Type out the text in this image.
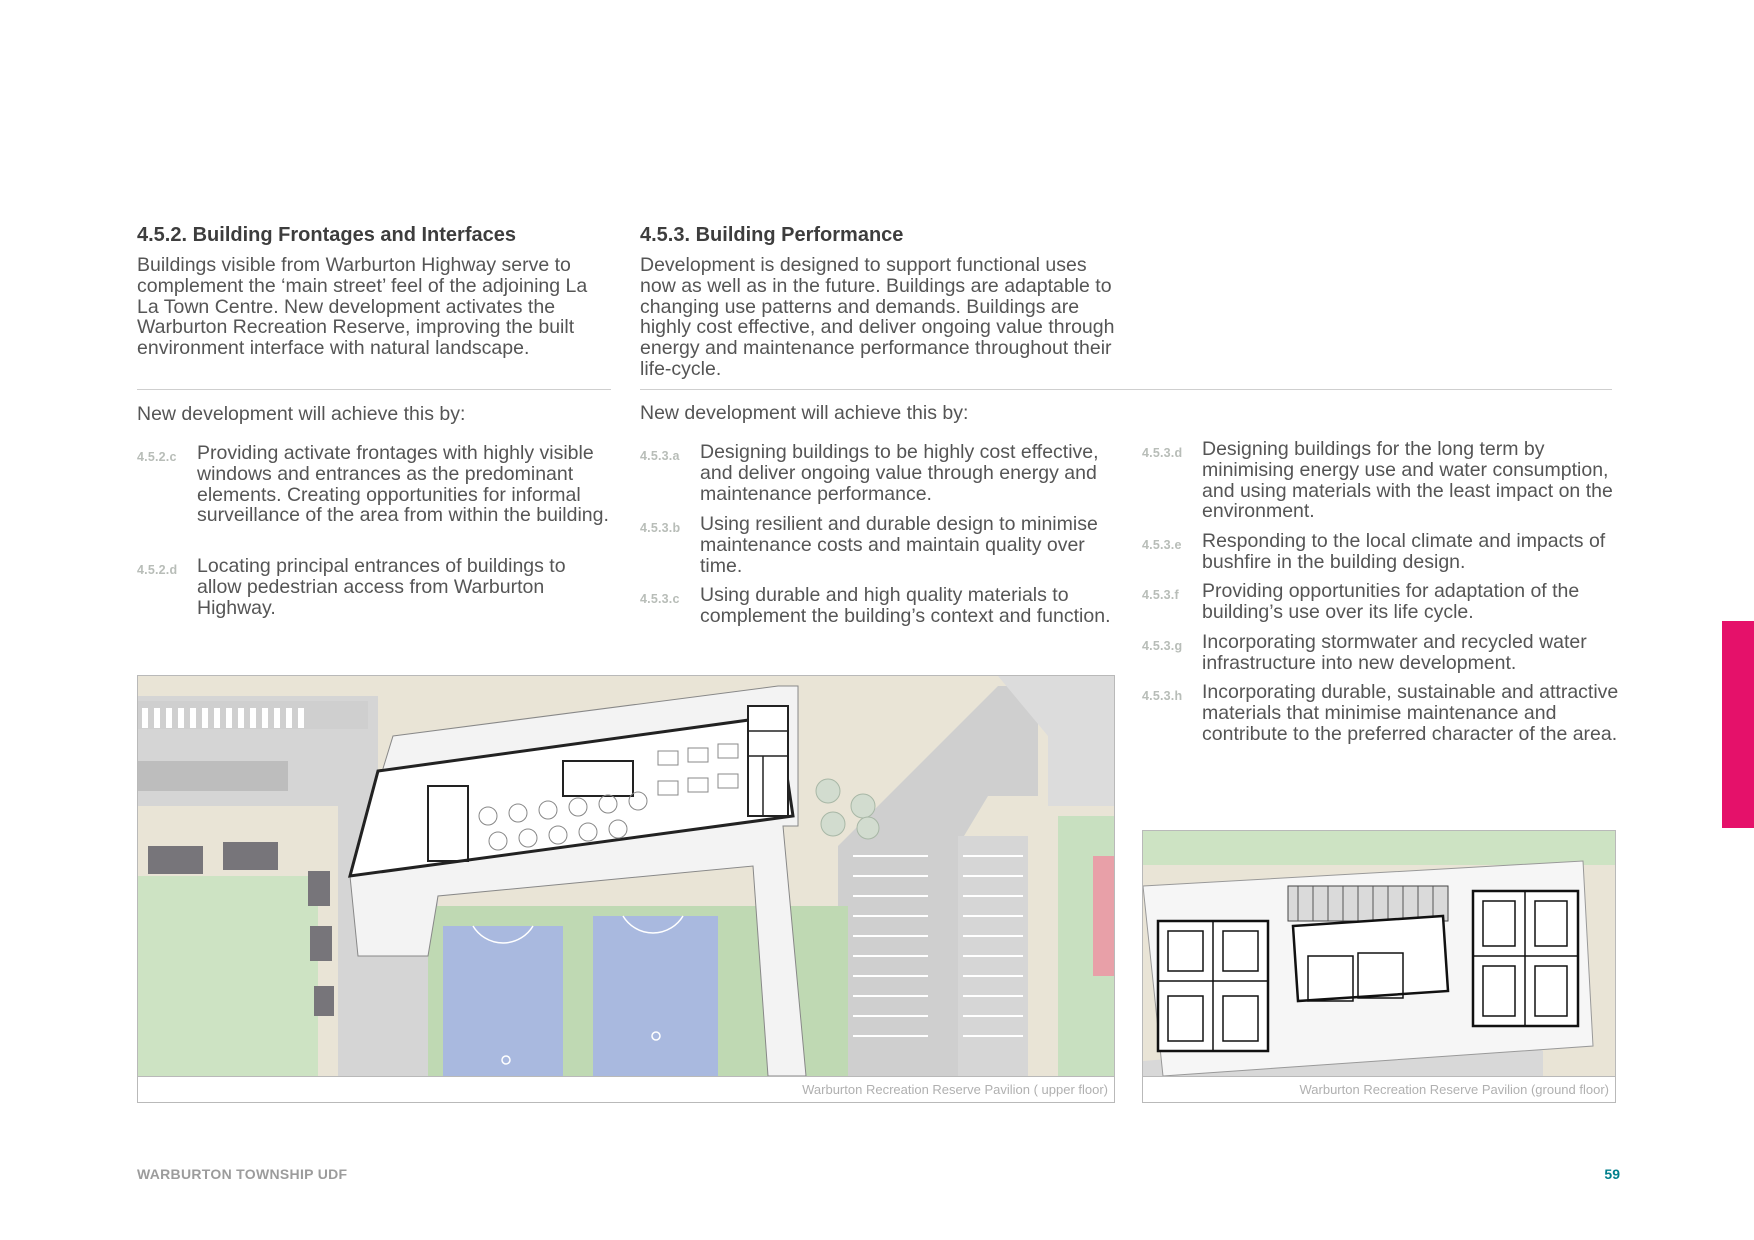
4.5.2. Building Frontages and Interfaces
Buildings visible from Warburton Highway serve to complement the ‘main street’ feel of the adjoining La La Town Centre. New development activates the Warburton Recreation Reserve, improving the built environment interface with natural landscape.
4.5.3. Building Performance
Development is designed to support functional uses now as well as in the future. Buildings are adaptable to changing use patterns and demands. Buildings are highly cost effective, and deliver ongoing value through energy and maintenance performance throughout their life-cycle.
New development will achieve this by:	New development will achieve this by:
4.5.2.c	Providing activate frontages with highly visible windows and entrances as the predominant elements. Creating opportunities for informal surveillance of the area from within the building.
4.5.2.d	Locating principal entrances of buildings to allow pedestrian access from Warburton Highway.
4.5.3.a	Designing buildings to be highly cost effective, and deliver ongoing value through energy and maintenance performance.
4.5.3.b	Using resilient and durable design to minimise maintenance costs and maintain quality over time.
4.5.3.c	Using durable and high quality materials to complement the building’s context and function.
4.5.3.d	Designing buildings for the long term by minimising energy use and water consumption, and using materials with the least impact on the environment.
4.5.3.e	Responding to the local climate and impacts of bushfire in the building design.
4.5.3.f	Providing opportunities for adaptation of the building’s use over its life cycle.
4.5.3.g	Incorporating stormwater and recycled water infrastructure into new development.
4.5.3.h	Incorporating durable, sustainable and attractive materials that minimise maintenance and contribute to the preferred character of the area.
Warburton Recreation Reserve Pavilion ( upper floor)	Warburton Recreation Reserve Pavilion (ground floor)
WARBURTON TOWNSHIP UDF	59
